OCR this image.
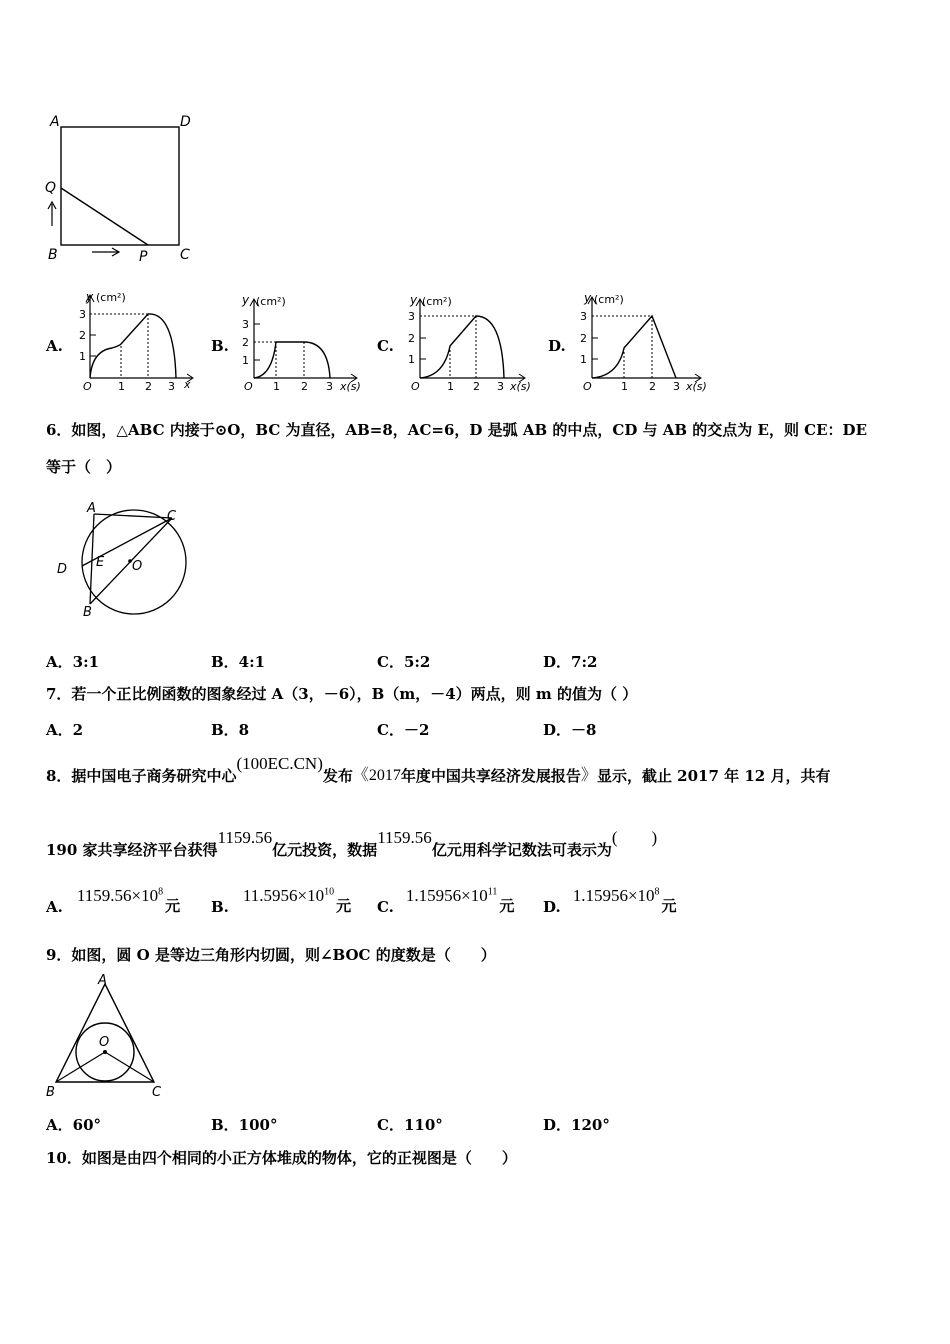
A	D
Q
B	P C
A.
y (cm²)
3
2
1
O 1 2 3 x
B.
y (cm²)
3
2
1
O 1 2 3 x(s)
C.
y (cm²)
3
2
1
O 1 2 3 x(s)
D.
y (cm²)
3
2
1
O	1 2 3 x(s)
6．如图，△ABC 内接于⊙O，BC 为直径，AB=8，AC=6，D 是弧 AB 的中点，CD 与 AB 的交点为 E，则 CE：DE
等于（　）
A
C
D E O
B
A．3:1	B．4:1	C．5:2	D．7:2
7．若一个正比例函数的图象经过 A（3，－6），B（m，－4）两点，则 m 的值为（ ）
A．2	B．8	C．－2	D．－8
8．据中国电子商务研究中心
(100EC.CN)
发布 《2017 年度中国共享经济发展报告 》 显示，截止 2017 年 12 月，共有
190 家共享经济平台获得
1159.56
亿元投资，数据
1159.56
亿元用科学记数法可表示为
(　　)
A.
$1159.56\times 10^8$
元 B.
$11.5956\times 10^{10}$
元 C.
$1.15956\times 10^{11}$
元 D.
$1.15956\times 10^8$
元
9．如图，圆 O 是等边三角形内切圆，则∠BOC 的度数是（　　）
A
O
B	C
A．60°	B．100°	C．110°	D．120°
10．如图是由四个相同的小正方体堆成的物体，它的正视图是（　　）
